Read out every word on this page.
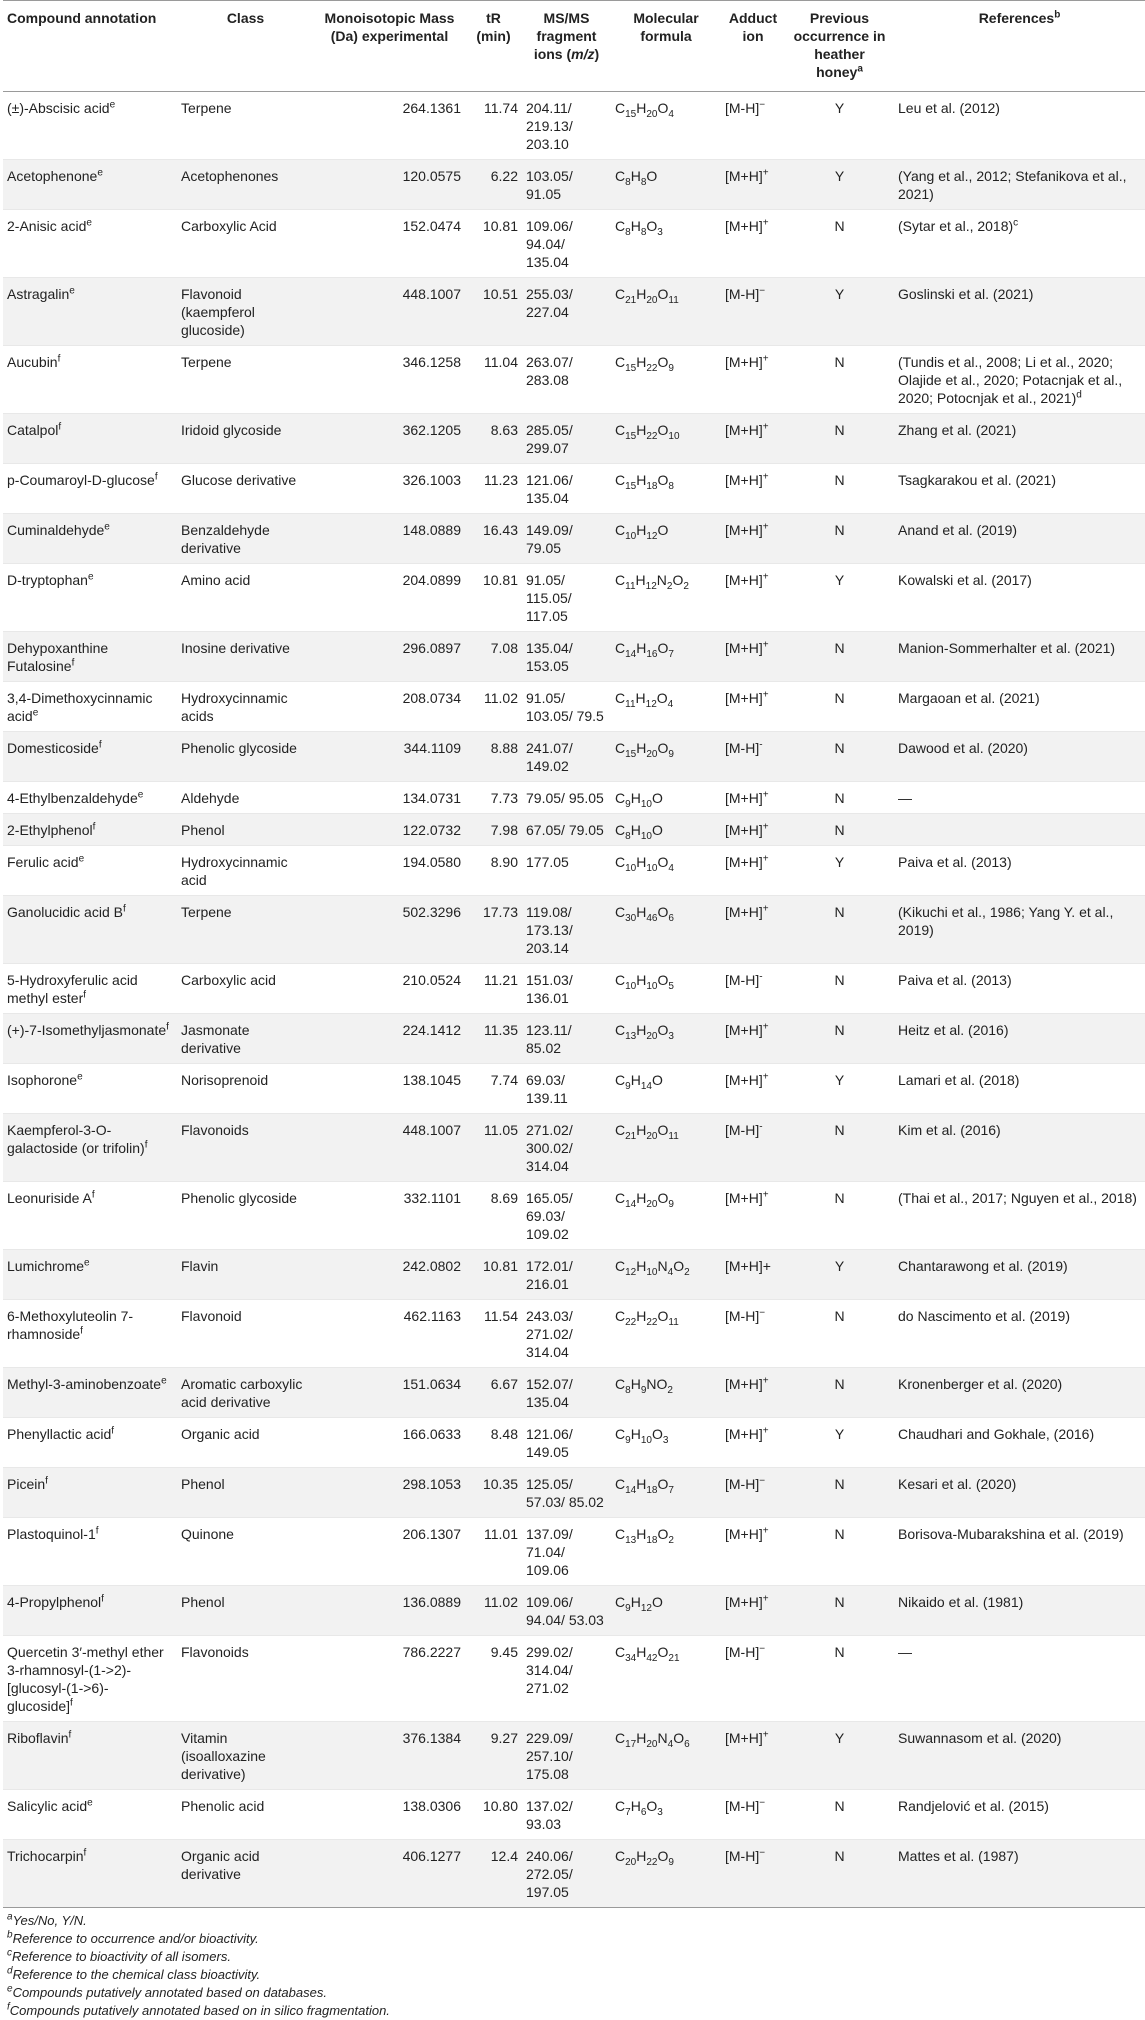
Compound annotation	Class	Monoisotopic Mass (Da) experimental	tR (min)	MS/MS fragment ions (m/z)	Molecular formula	Adduct ion	Previous occurrence in heather honey$^a$	References$^b$
(±)-Abscisic acid$^e$	Terpene	264.1361	11.74	204.11/ 219.13/ 203.10	$C_{15}H_{20}O_4$	[M-H]−	Y	Leu et al. (2012)
Acetophenone$^e$	Acetophenones	120.0575	6.22	103.05/ 91.05	$C_8H_8O$	[M+H]+	Y	(Yang et al., 2012; Stefanikova et al., 2021)
2-Anisic acid$^e$	Carboxylic Acid	152.0474	10.81	109.06/ 94.04/ 135.04	$C_8H_8O_3$	[M+H]+	N	(Sytar et al., 2018)$^c$
Astragalin$^e$	Flavonoid (kaempferol glucoside)	448.1007	10.51	255.03/ 227.04	$C_{21}H_{20}O_{11}$	[M-H]−	Y	Goslinski et al. (2021)
Aucubin$^f$	Terpene	346.1258	11.04	263.07/ 283.08	$C_{15}H_{22}O_9$	[M+H]+	N	(Tundis et al., 2008; Li et al., 2020; Olajide et al., 2020; Potacnjak et al., 2020; Potocnjak et al., 2021)$^d$
Catalpol$^f$	Iridoid glycoside	362.1205	8.63	285.05/ 299.07	$C_{15}H_{22}O_{10}$	[M+H]+	N	Zhang et al. (2021)
p-Coumaroyl-D-glucose$^f$	Glucose derivative	326.1003	11.23	121.06/ 135.04	$C_{15}H_{18}O_8$	[M+H]+	N	Tsagkarakou et al. (2021)
Cuminaldehyde$^e$	Benzaldehyde derivative	148.0889	16.43	149.09/ 79.05	$C_{10}H_{12}O$	[M+H]+	N	Anand et al. (2019)
D-tryptophan$^e$	Amino acid	204.0899	10.81	91.05/ 115.05/ 117.05	$C_{11}H_{12}N_2O_2$	[M+H]+	Y	Kowalski et al. (2017)
Dehypoxanthine Futalosine$^f$	Inosine derivative	296.0897	7.08	135.04/ 153.05	$C_{14}H_{16}O_7$	[M+H]+	N	Manion-Sommerhalter et al. (2021)
3,4-Dimethoxycinnamic acid$^e$	Hydroxycinnamic acids	208.0734	11.02	91.05/ 103.05/ 79.5	$C_{11}H_{12}O_4$	[M+H]+	N	Margaoan et al. (2021)
Domesticoside$^f$	Phenolic glycoside	344.1109	8.88	241.07/ 149.02	$C_{15}H_{20}O_9$	[M-H]-	N	Dawood et al. (2020)
4-Ethylbenzaldehyde$^e$	Aldehyde	134.0731	7.73	79.05/ 95.05	$C_9H_{10}O$	[M+H]+	N	—
2-Ethylphenol$^f$	Phenol	122.0732	7.98	67.05/ 79.05	$C_8H_{10}O$	[M+H]+	N	
Ferulic acid$^e$	Hydroxycinnamic acid	194.0580	8.90	177.05	$C_{10}H_{10}O_4$	[M+H]+	Y	Paiva et al. (2013)
Ganolucidic acid $B^f$	Terpene	502.3296	17.73	119.08/ 173.13/ 203.14	$C_{30}H_{46}O_6$	[M+H]+	N	(Kikuchi et al., 1986; Yang Y. et al., 2019)
5-Hydroxyferulic acid methyl ester$^f$	Carboxylic acid	210.0524	11.21	151.03/ 136.01	$C_{10}H_{10}O_5$	[M-H]-	N	Paiva et al. (2013)
(+)-7-Isomethyljasmonate$^f$	Jasmonate derivative	224.1412	11.35	123.11/ 85.02	$C_{13}H_{20}O_3$	[M+H]+	N	Heitz et al. (2016)
Isophorone$^e$	Norisoprenoid	138.1045	7.74	69.03/ 139.11	$C_9H_{14}O$	[M+H]+	Y	Lamari et al. (2018)
Kaempferol-3-O-galactoside (or trifolin)$^f$	Flavonoids	448.1007	11.05	271.02/ 300.02/ 314.04	$C_{21}H_{20}O_{11}$	[M-H]-	N	Kim et al. (2016)
Leonuriside $A^f$	Phenolic glycoside	332.1101	8.69	165.05/ 69.03/ 109.02	$C_{14}H_{20}O_9$	[M+H]+	N	(Thai et al., 2017; Nguyen et al., 2018)
Lumichrome$^e$	Flavin	242.0802	10.81	172.01/ 216.01	$C_{12}H_{10}N_4O_2$	[M+H]+	Y	Chantarawong et al. (2019)
6-Methoxyluteolin 7-rhamnoside$^f$	Flavonoid	462.1163	11.54	243.03/ 271.02/ 314.04	$C_{22}H_{22}O_{11}$	[M-H]−	N	do Nascimento et al. (2019)
Methyl-3-aminobenzoate$^e$	Aromatic carboxylic acid derivative	151.0634	6.67	152.07/ 135.04	$C_8H_9NO_2$	[M+H]+	N	Kronenberger et al. (2020)
Phenyllactic acid$^f$	Organic acid	166.0633	8.48	121.06/ 149.05	$C_9H_{10}O_3$	[M+H]+	Y	Chaudhari and Gokhale, (2016)
Picein$^f$	Phenol	298.1053	10.35	125.05/ 57.03/ 85.02	$C_{14}H_{18}O_7$	[M-H]−	N	Kesari et al. (2020)
Plastoquinol-1$^f$	Quinone	206.1307	11.01	137.09/ 71.04/ 109.06	$C_{13}H_{18}O_2$	[M+H]+	N	Borisova-Mubarakshina et al. (2019)
4-Propylphenol$^f$	Phenol	136.0889	11.02	109.06/ 94.04/ 53.03	$C_9H_{12}O$	[M+H]+	N	Nikaido et al. (1981)
Quercetin 3′-methyl ether 3-rhamnosyl-(1->2)-[glucosyl-(1->6)-glucoside]$^f$	Flavonoids	786.2227	9.45	299.02/ 314.04/ 271.02	$C_{34}H_{42}O_{21}$	[M-H]−	N	—
Riboflavin$^f$	Vitamin (isoalloxazine derivative)	376.1384	9.27	229.09/ 257.10/ 175.08	$C_{17}H_{20}N_4O_6$	[M+H]+	Y	Suwannasom et al. (2020)
Salicylic acid$^e$	Phenolic acid	138.0306	10.80	137.02/ 93.03	$C_7H_6O_3$	[M-H]−	N	Randjelović et al. (2015)
Trichocarpin$^f$	Organic acid derivative	406.1277	12.4	240.06/ 272.05/ 197.05	$C_{20}H_{22}O_9$	[M-H]−	N	Mattes et al. (1987)
$^a$Yes/No, Y/N.
$^b$Reference to occurrence and/or bioactivity.
$^c$Reference to bioactivity of all isomers.
$^d$Reference to the chemical class bioactivity.
$^e$Compounds putatively annotated based on databases.
$^f$Compounds putatively annotated based on in silico fragmentation.
